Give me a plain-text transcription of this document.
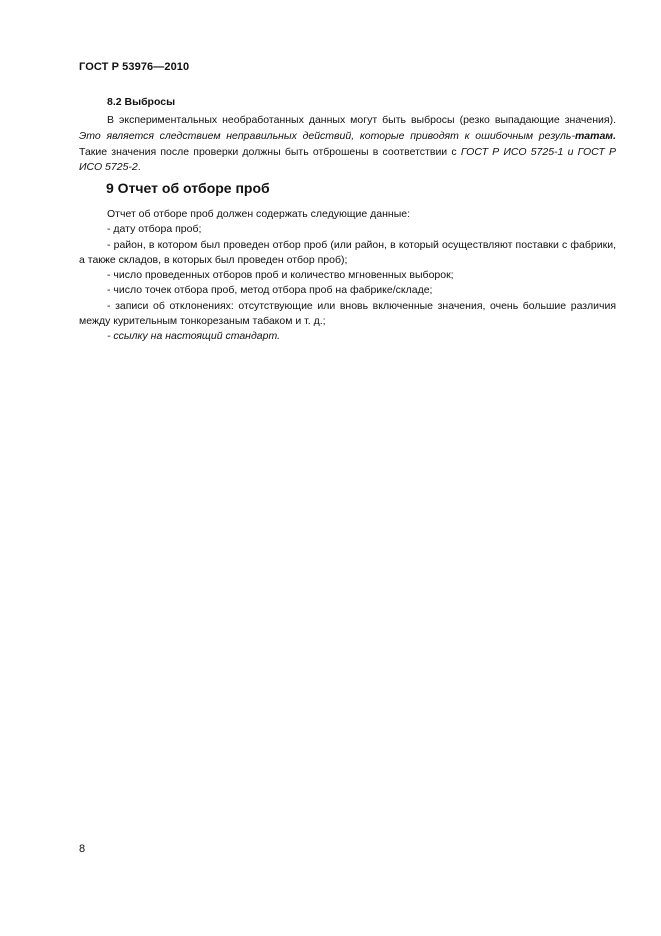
ГОСТ Р 53976—2010
8.2 Выбросы
В экспериментальных необработанных данных могут быть выбросы (резко выпадающие значения). Это является следствием неправильных действий, которые приводят к ошибочным резуль-татам. Такие значения после проверки должны быть отброшены в соответствии с ГОСТ Р ИСО 5725-1 и ГОСТ Р ИСО 5725-2.
9 Отчет об отборе проб
Отчет об отборе проб должен содержать следующие данные:
- дату отбора проб;
- район, в котором был проведен отбор проб (или район, в который осуществляют поставки с фабрики, а также складов, в которых был проведен отбор проб);
- число проведенных отборов проб и количество мгновенных выборок;
- число точек отбора проб, метод отбора проб на фабрике/складе;
- записи об отклонениях: отсутствующие или вновь включенные значения, очень большие различия между курительным тонкорезаным табаком и т. д.;
- ссылку на настоящий стандарт.
8
